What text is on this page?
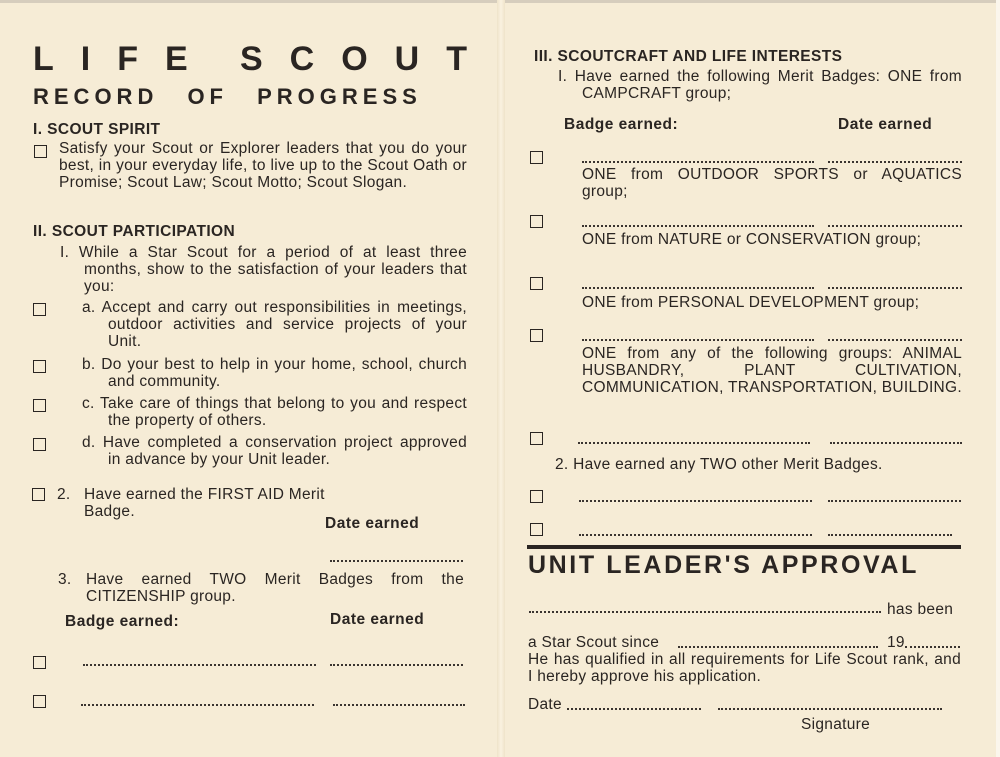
LIFE SCOUT
RECORD OF PROGRESS
I. SCOUT SPIRIT
Satisfy your Scout or Explorer leaders that you do your best, in your everyday life, to live up to the Scout Oath or Promise; Scout Law; Scout Motto; Scout Slogan.
II. SCOUT PARTICIPATION
I. While a Star Scout for a period of at least three months, show to the satisfaction of your leaders that you:
a. Accept and carry out responsibilities in meetings, outdoor activities and service projects of your Unit.
b. Do your best to help in your home, school, church and community.
c. Take care of things that belong to you and respect the property of others.
d. Have completed a conservation project approved in advance by your Unit leader.
2. Have earned the FIRST AID Merit Badge.
Date earned
3. Have earned TWO Merit Badges from the CITIZENSHIP group.
Badge earned:	Date earned
III. SCOUTCRAFT AND LIFE INTERESTS
I. Have earned the following Merit Badges: ONE from CAMPCRAFT group;
Badge earned:	Date earned
ONE from OUTDOOR SPORTS or AQUATICS group;
ONE from NATURE or CONSERVATION group;
ONE from PERSONAL DEVELOPMENT group;
ONE from any of the following groups: ANIMAL HUSBANDRY, PLANT CULTIVATION, COMMUNICATION, TRANSPORTATION, BUILDING.
2. Have earned any TWO other Merit Badges.
UNIT LEADER'S APPROVAL
has been
a Star Scout since	19
He has qualified in all requirements for Life Scout rank, and I hereby approve his application.
Date
Signature
